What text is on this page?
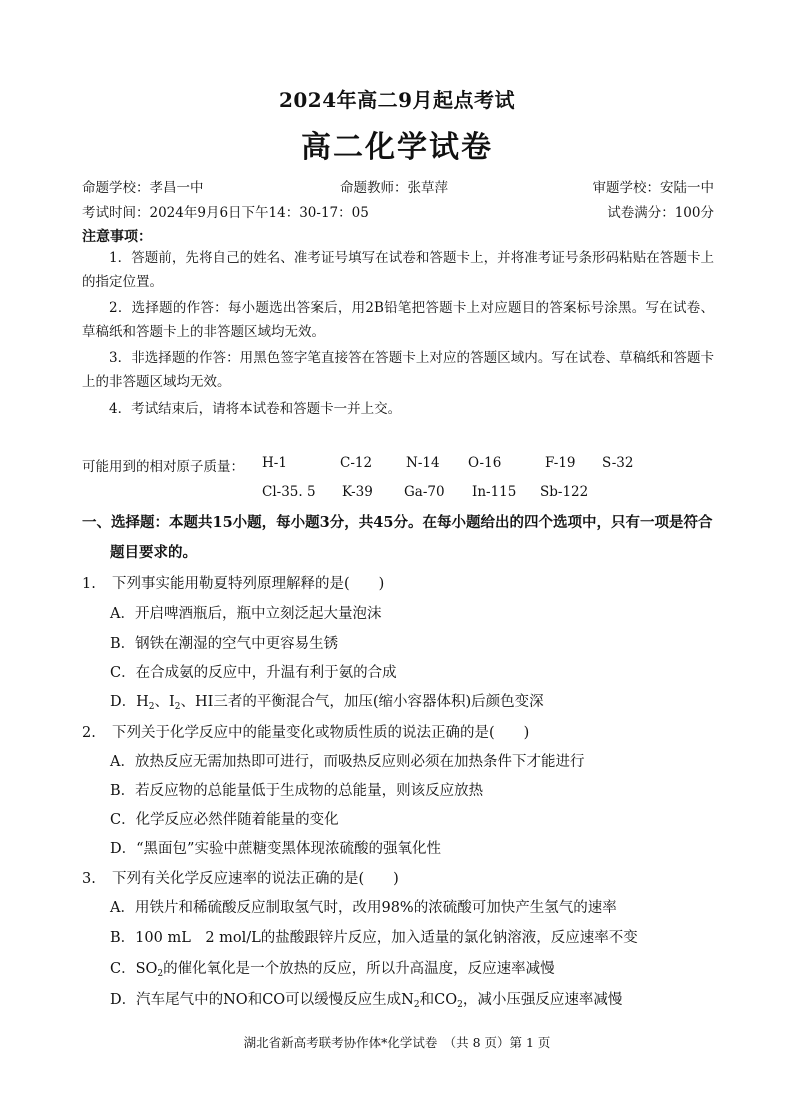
2024年高二9月起点考试
高二化学试卷
命题学校：孝昌一中	命题教师：张草萍	审题学校：安陆一中
考试时间：2024年9月6日下午14：30-17：05	试卷满分：100分
注意事项：
1．答题前，先将自己的姓名、准考证号填写在试卷和答题卡上，并将准考证号条形码粘贴在答题卡上的指定位置。
2．选择题的作答：每小题选出答案后，用2B铅笔把答题卡上对应题目的答案标号涂黑。写在试卷、草稿纸和答题卡上的非答题区域均无效。
3．非选择题的作答：用黑色签字笔直接答在答题卡上对应的答题区域内。写在试卷、草稿纸和答题卡上的非答题区域均无效。
4．考试结束后，请将本试卷和答题卡一并上交。
可能用到的相对原子质量： H-1	C-12	N-14 O-16	F-19 S-32
Cl-35. 5 K-39 Ga-70 In-115 Sb-122
一、选择题：本题共15小题，每小题3分，共45分。在每小题给出的四个选项中，只有一项是符合题目要求的。
1. 下列事实能用勒夏特列原理解释的是(　　)
A．开启啤酒瓶后，瓶中立刻泛起大量泡沫
B．钢铁在潮湿的空气中更容易生锈
C．在合成氨的反应中，升温有利于氨的合成
D．$H_2$、$I_2$、HI三者的平衡混合气，加压(缩小容器体积)后颜色变深
2. 下列关于化学反应中的能量变化或物质性质的说法正确的是(　　)
A．放热反应无需加热即可进行，而吸热反应则必须在加热条件下才能进行
B．若反应物的总能量低于生成物的总能量，则该反应放热
C．化学反应必然伴随着能量的变化
D．“黑面包”实验中蔗糖变黑体现浓硫酸的强氧化性
3. 下列有关化学反应速率的说法正确的是(　　)
A．用铁片和稀硫酸反应制取氢气时，改用98%的浓硫酸可加快产生氢气的速率
B．100 mL　2 mol/L的盐酸跟锌片反应，加入适量的氯化钠溶液，反应速率不变
C．$SO_2$的催化氧化是一个放热的反应，所以升高温度，反应速率减慢
D．汽车尾气中的NO和CO可以缓慢反应生成$N_2$和$CO_2$，减小压强反应速率减慢
湖北省新高考联考协作体*化学试卷　（共 8 页）第 1 页
